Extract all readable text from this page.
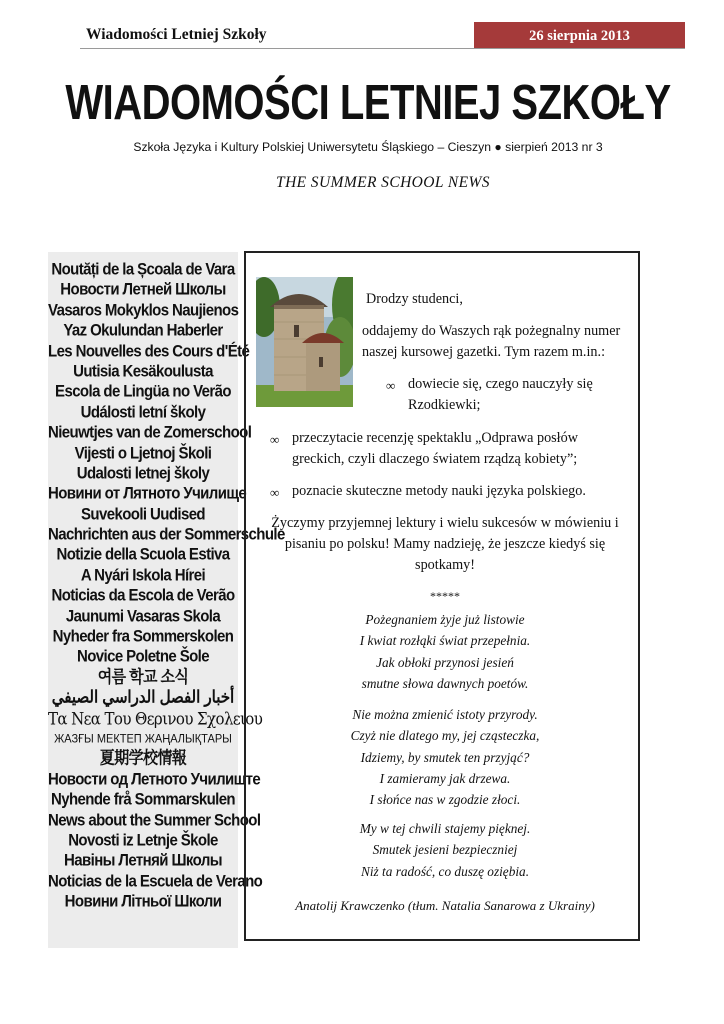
Wiadomości Letniej Szkoły	26 sierpnia 2013
WIADOMOŚCI LETNIEJ SZKOŁY
Szkoła Języka i Kultury Polskiej Uniwersytetu Śląskiego – Cieszyn ● sierpień 2013 nr 3
THE SUMMER SCHOOL NEWS
Noutăți de la Școala de Vara
Новости Летней Школы
Vasaros Mokyklos Naujienos
Yaz Okulundan Haberler
Les Nouvelles des Cours d'Été
Uutisia Kesäkoulusta
Escola de Lingüa no Verão
Události letní školy
Nieuwtjes van de Zomerschool
Vijesti o Ljetnoj Školi
Udalosti letnej školy
Новини от Лятното Училище
Suvekooli Uudised
Nachrichten aus der Sommerschule
Notizie della Scuola Estiva
A Nyári Iskola Hírei
Noticias da Escola de Verão
Jaunumi Vasaras Skola
Nyheder fra Sommerskolen
Novice Poletne Šole
여름 학교 소식
أخبار الفصل الدراسي الصيفي
Τα Νεα Του Θερινου Σχολειου
ЖАЗҒЫ МЕКТЕП ЖАҢАЛЫҚТАРЫ
夏期学校情報
Новости од Летното Училиште
Nyhende frå Sommarskulen
News about the Summer School
Novosti iz Letnje Škole
Навіны Летняй Школы
Noticias de la Escuela de Verano
Новини Літньої Школи
Drodzy studenci,
oddajemy do Waszych rąk pożegnalny numer naszej kursowej gazetki. Tym razem m.in.:
∞ dowiecie się, czego nauczyły się Rzodkiewki;
∞ przeczytacie recenzję spektaklu „Odprawa posłów greckich, czyli dlaczego światem rządzą kobiety”;
∞ poznacie skuteczne metody nauki języka polskiego.
Życzymy przyjemnej lektury i wielu sukcesów w mówieniu i pisaniu po polsku! Mamy nadzieję, że jeszcze kiedyś się spotkamy!
*****
Pożegnaniem żyje już listowie
I kwiat rozłąki świat przepełnia.
Jak obłoki przynosi jesień
smutne słowa dawnych poetów.
Nie można zmienić istoty przyrody.
Czyż nie dlatego my, jej cząsteczka,
Idziemy, by smutek ten przyjąć?
I zamieramy jak drzewa.
I słońce nas w zgodzie złoci.
My w tej chwili stajemy pięknej.
Smutek jesieni bezpieczniej
Niż ta radość, co duszę oziębia.
Anatolij Krawczenko (tłum. Natalia Sanarowa z Ukrainy)
